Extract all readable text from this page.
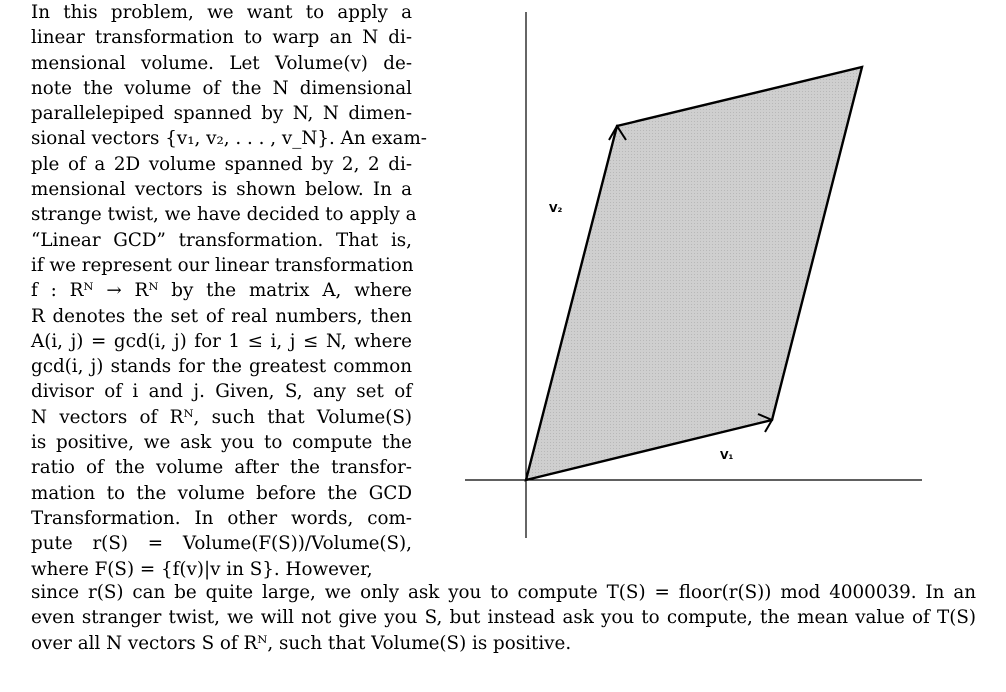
In this problem, we want to apply a
linear transformation to warp an N di-
mensional volume. Let Volume(v) de-
note the volume of the N dimensional
parallelepiped spanned by N, N dimen-
sional vectors {v₁, v₂, . . . , v_N}. An exam-
ple of a 2D volume spanned by 2, 2 di-
mensional vectors is shown below. In a
strange twist, we have decided to apply a
“Linear GCD” transformation. That is,
if we represent our linear transformation
f : Rᴺ → Rᴺ by the matrix A, where
R denotes the set of real numbers, then
A(i, j) = gcd(i, j) for 1 ≤ i, j ≤ N, where
gcd(i, j) stands for the greatest common
divisor of i and j. Given, S, any set of
N vectors of Rᴺ, such that Volume(S)
is positive, we ask you to compute the
ratio of the volume after the transfor-
mation to the volume before the GCD
Transformation. In other words, com-
pute r(S) = Volume(F(S))/Volume(S),
where F(S) = {f(v)|v in S}. However,
since r(S) can be quite large, we only ask you to compute T(S) = floor(r(S)) mod 4000039. In an
even stranger twist, we will not give you S, but instead ask you to compute, the mean value of T(S)
over all N vectors S of Rᴺ, such that Volume(S) is positive.
V₁
V₂
